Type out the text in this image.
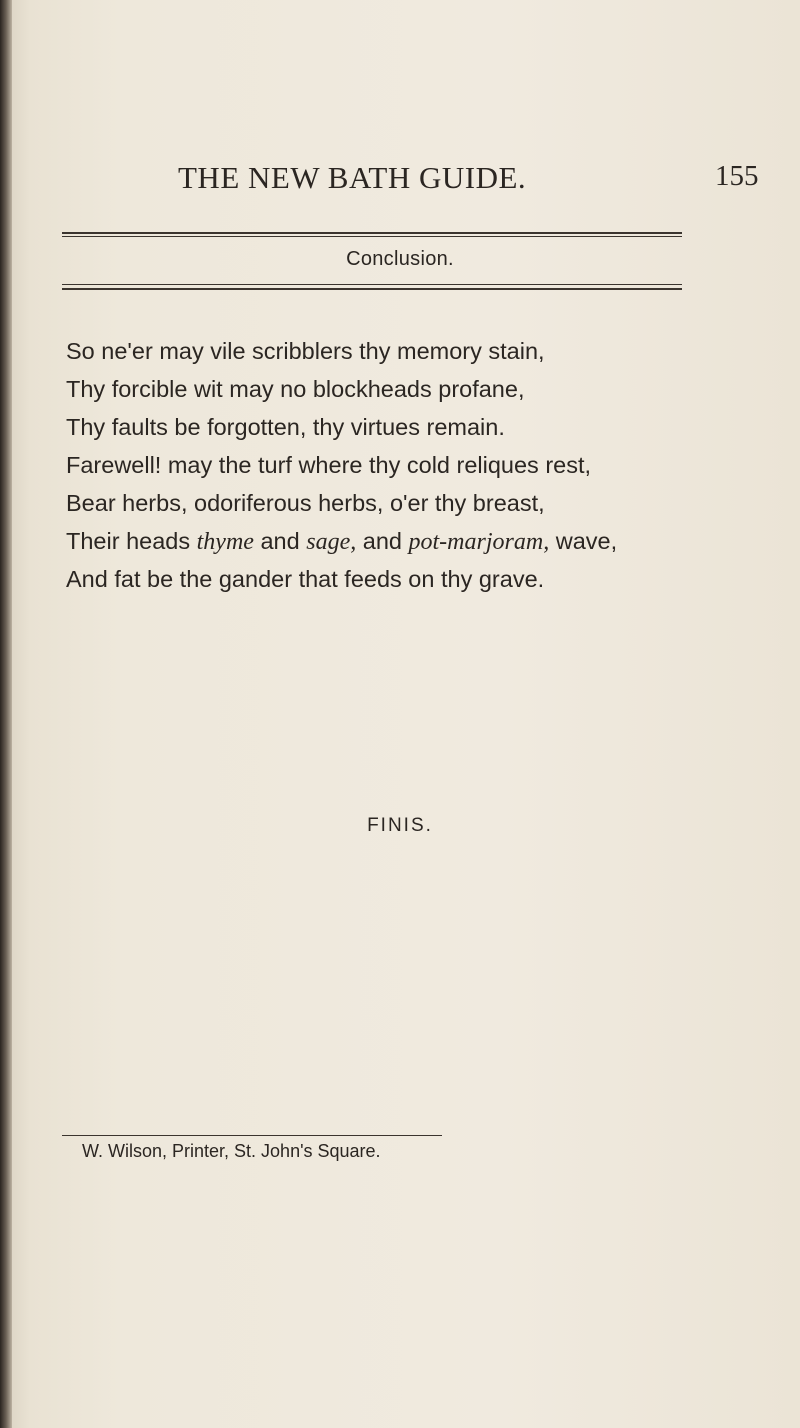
THE NEW BATH GUIDE.	155
Conclusion.
So ne'er may vile scribblers thy memory stain,
Thy forcible wit may no blockheads profane,
Thy faults be forgotten, thy virtues remain.
Farewell! may the turf where thy cold reliques rest,
Bear herbs, odoriferous herbs, o'er thy breast,
Their heads thyme and sage, and pot-marjoram, wave,
And fat be the gander that feeds on thy grave.
FINIS.
W. Wilson, Printer, St. John's Square.
